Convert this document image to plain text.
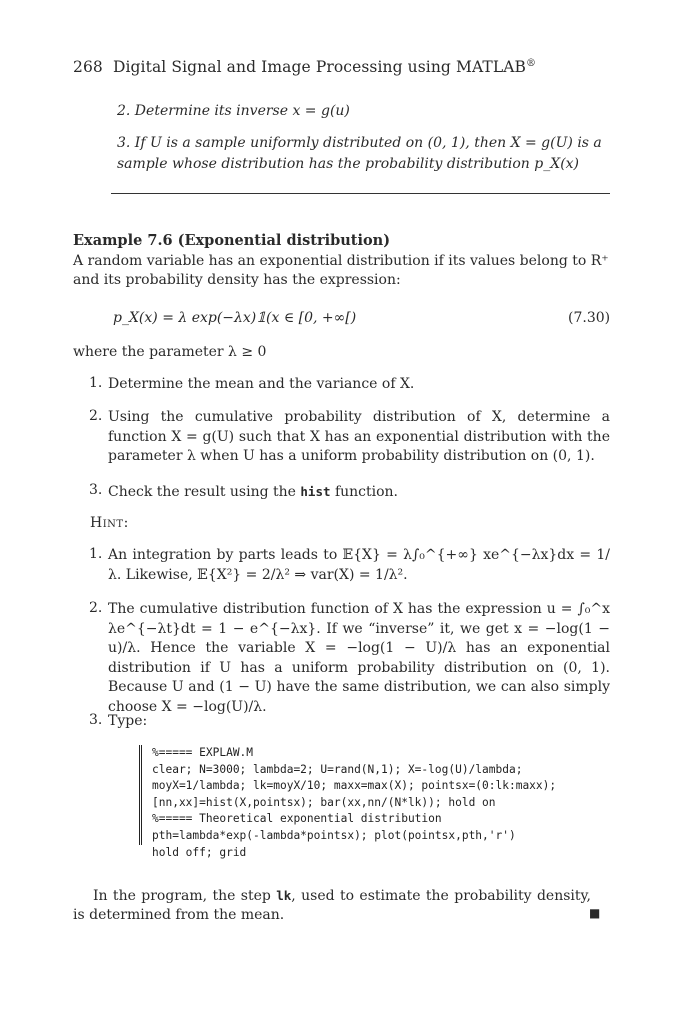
268 Digital Signal and Image Processing using MATLAB®
2. Determine its inverse x = g(u)
3. If U is a sample uniformly distributed on (0, 1), then X = g(U) is a sample whose distribution has the probability distribution p_X(x)
Example 7.6 (Exponential distribution)
A random variable has an exponential distribution if its values belong to R⁺ and its probability density has the expression:
p_X(x) = λ exp(−λx)𝟙(x ∈ [0, +∞[)	(7.30)
where the parameter λ ≥ 0
1. Determine the mean and the variance of X.
2. Using the cumulative probability distribution of X, determine a function X = g(U) such that X has an exponential distribution with the parameter λ when U has a uniform probability distribution on (0, 1).
3. Check the result using the hist function.
Hint:
1. An integration by parts leads to 𝔼{X} = λ∫₀^{+∞} xe^{−λx}dx = 1/λ. Likewise, 𝔼{X²} = 2/λ² ⇒ var(X) = 1/λ².
2. The cumulative distribution function of X has the expression u = ∫₀^x λe^{−λt}dt = 1 − e^{−λx}. If we “inverse” it, we get x = −log(1 − u)/λ. Hence the variable X = −log(1 − U)/λ has an exponential distribution if U has a uniform probability distribution on (0, 1). Because U and (1 − U) have the same distribution, we can also simply choose X = −log(U)/λ.
3. Type:
%===== EXPLAW.M
clear; N=3000; lambda=2; U=rand(N,1); X=-log(U)/lambda;
moyX=1/lambda; lk=moyX/10; maxx=max(X); pointsx=(0:lk:maxx);
[nn,xx]=hist(X,pointsx); bar(xx,nn/(N*lk)); hold on
%===== Theoretical exponential distribution
pth=lambda*exp(-lambda*pointsx); plot(pointsx,pth,'r')
hold off; grid
In the program, the step lk, used to estimate the probability density, is determined from the mean.	■
